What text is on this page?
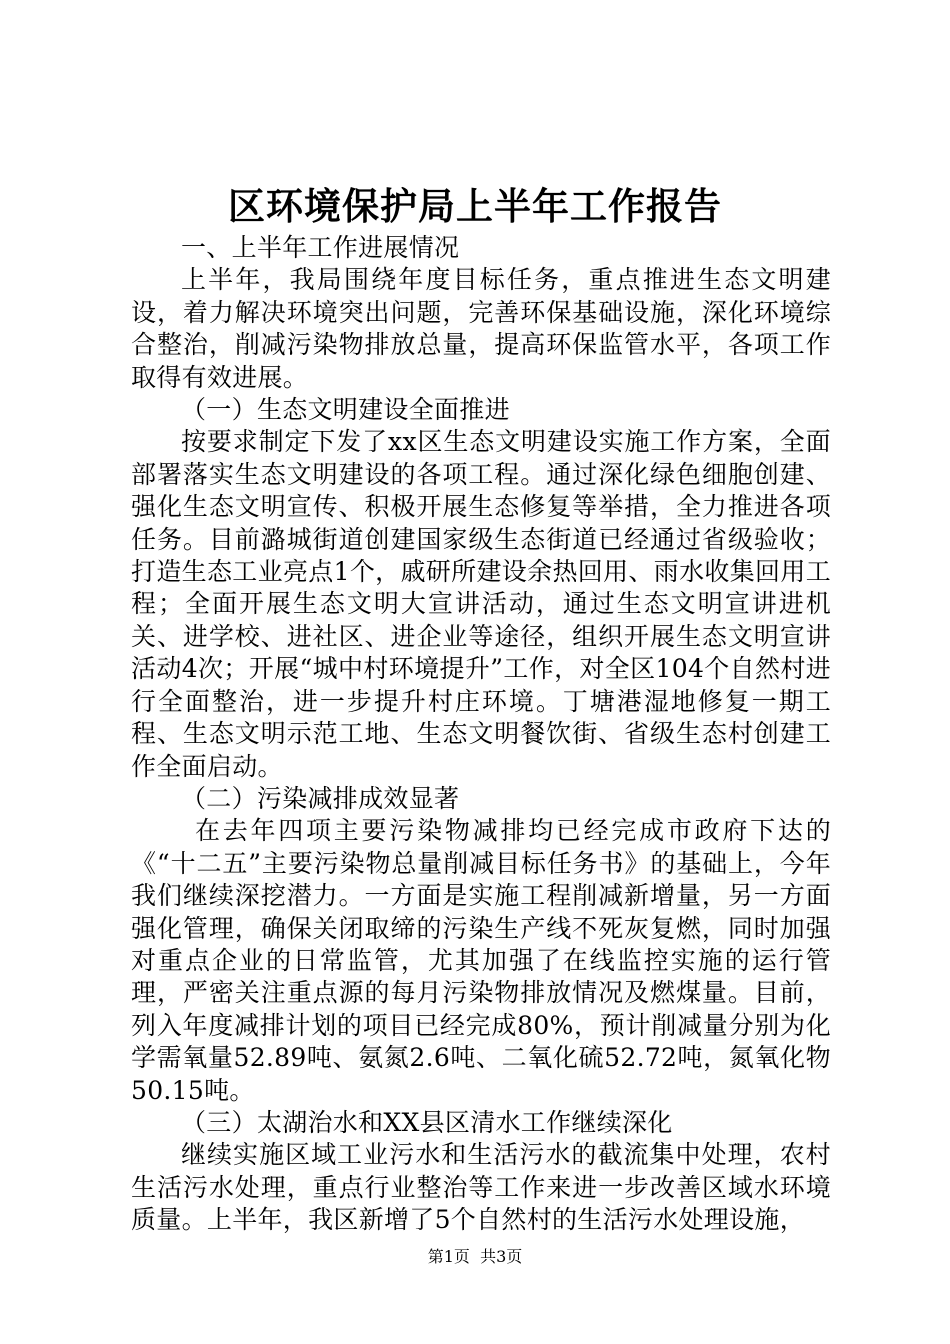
区环境保护局上半年工作报告

一、上半年工作进展情况

上半年，我局围绕年度目标任务，重点推进生态文明建设，着力解决环境突出问题，完善环保基础设施，深化环境综合整治，削减污染物排放总量，提高环保监管水平，各项工作取得有效进展。

（一）生态文明建设全面推进

按要求制定下发了xx区生态文明建设实施工作方案，全面部署落实生态文明建设的各项工程。通过深化绿色细胞创建、强化生态文明宣传、积极开展生态修复等举措，全力推进各项任务。目前潞城街道创建国家级生态街道已经通过省级验收；打造生态工业亮点1个，戚研所建设余热回用、雨水收集回用工程；全面开展生态文明大宣讲活动，通过生态文明宣讲进机关、进学校、进社区、进企业等途径，组织开展生态文明宣讲活动4次；开展“城中村环境提升”工作，对全区104个自然村进行全面整治，进一步提升村庄环境。丁塘港湿地修复一期工程、生态文明示范工地、生态文明餐饮街、省级生态村创建工作全面启动。

（二）污染减排成效显著

在去年四项主要污染物减排均已经完成市政府下达的《“十二五”主要污染物总量削减目标任务书》的基础上，今年我们继续深挖潜力。一方面是实施工程削减新增量，另一方面强化管理，确保关闭取缔的污染生产线不死灰复燃，同时加强对重点企业的日常监管，尤其加强了在线监控实施的运行管理，严密关注重点源的每月污染物排放情况及燃煤量。目前，列入年度减排计划的项目已经完成80%，预计削减量分别为化学需氧量52.89吨、氨氮2.6吨、二氧化硫52.72吨，氮氧化物50.15吨。

（三）太湖治水和XX县区清水工作继续深化

继续实施区域工业污水和生活污水的截流集中处理，农村生活污水处理，重点行业整治等工作来进一步改善区域水环境质量。上半年，我区新增了5个自然村的生活污水处理设施，

第1页  共3页
